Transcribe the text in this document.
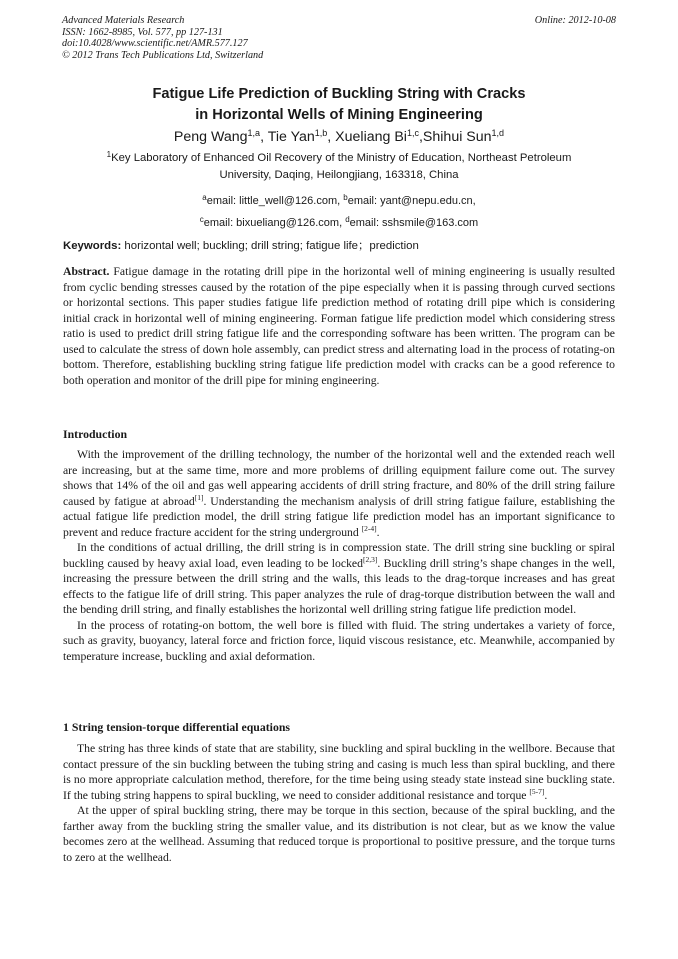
Advanced Materials Research
ISSN: 1662-8985, Vol. 577, pp 127-131
doi:10.4028/www.scientific.net/AMR.577.127
© 2012 Trans Tech Publications Ltd, Switzerland
Online: 2012-10-08
Fatigue Life Prediction of Buckling String with Cracks
in Horizontal Wells of Mining Engineering
Peng Wang$^{1,a}$, Tie Yan$^{1,b}$, Xueliang Bi$^{1,c}$,Shihui Sun$^{1,d}$
$^1$Key Laboratory of Enhanced Oil Recovery of the Ministry of Education, Northeast Petroleum
University, Daqing, Heilongjiang, 163318, China
$^a$email: little_well@126.com, $^b$email: yant@nepu.edu.cn,
$^c$email: bixueliang@126.com, $^d$email: sshsmile@163.com
Keywords: horizontal well; buckling; drill string; fatigue life；prediction

Abstract. Fatigue damage in the rotating drill pipe in the horizontal well of mining engineering is usually resulted from cyclic bending stresses caused by the rotation of the pipe especially when it is passing through curved sections or horizontal sections. This paper studies fatigue life prediction method of rotating drill pipe which is considering initial crack in horizontal well of mining engineering. Forman fatigue life prediction model which considering stress ratio is used to predict drill string fatigue life and the corresponding software has been written. The program can be used to calculate the stress of down hole assembly, can predict stress and alternating load in the process of rotating-on bottom. Therefore, establishing buckling string fatigue life prediction model with cracks can be a good reference to both operation and monitor of the drill pipe for mining engineering.

Introduction

With the improvement of the drilling technology, the number of the horizontal well and the extended reach well are increasing, but at the same time, more and more problems of drilling equipment failure come out. The survey shows that 14% of the oil and gas well appearing accidents of drill string fracture, and 80% of the drill string failure caused by fatigue at abroad[1]. Understanding the mechanism analysis of drill string fatigue failure, establishing the actual fatigue life prediction model, the drill string fatigue life prediction model has an important significance to prevent and reduce fracture accident for the string underground [2-4].

In the conditions of actual drilling, the drill string is in compression state. The drill string sine buckling or spiral buckling caused by heavy axial load, even leading to be locked[2,3]. Buckling drill string’s shape changes in the well, increasing the pressure between the drill string and the walls, this leads to the drag-torque increases and has great effects to the fatigue life of drill string. This paper analyzes the rule of drag-torque distribution between the wall and the bending drill string, and finally establishes the horizontal well drilling string fatigue life prediction model.

In the process of rotating-on bottom, the well bore is filled with fluid. The string undertakes a variety of force, such as gravity, buoyancy, lateral force and friction force, liquid viscous resistance, etc. Meanwhile, accompanied by temperature increase, buckling and axial deformation.

1 String tension-torque differential equations

The string has three kinds of state that are stability, sine buckling and spiral buckling in the wellbore. Because that contact pressure of the sin buckling between the tubing string and casing is much less than spiral buckling, and there is no more appropriate calculation method, therefore, for the time being using steady state instead sine buckling state. If the tubing string happens to spiral buckling, we need to consider additional resistance and torque [5-7].

At the upper of spiral buckling string, there may be torque in this section, because of the spiral buckling, and the farther away from the buckling string the smaller value, and its distribution is not clear, but as we know the value becomes zero at the wellhead. Assuming that reduced torque is proportional to positive pressure, and the torque turns to zero at the wellhead.
